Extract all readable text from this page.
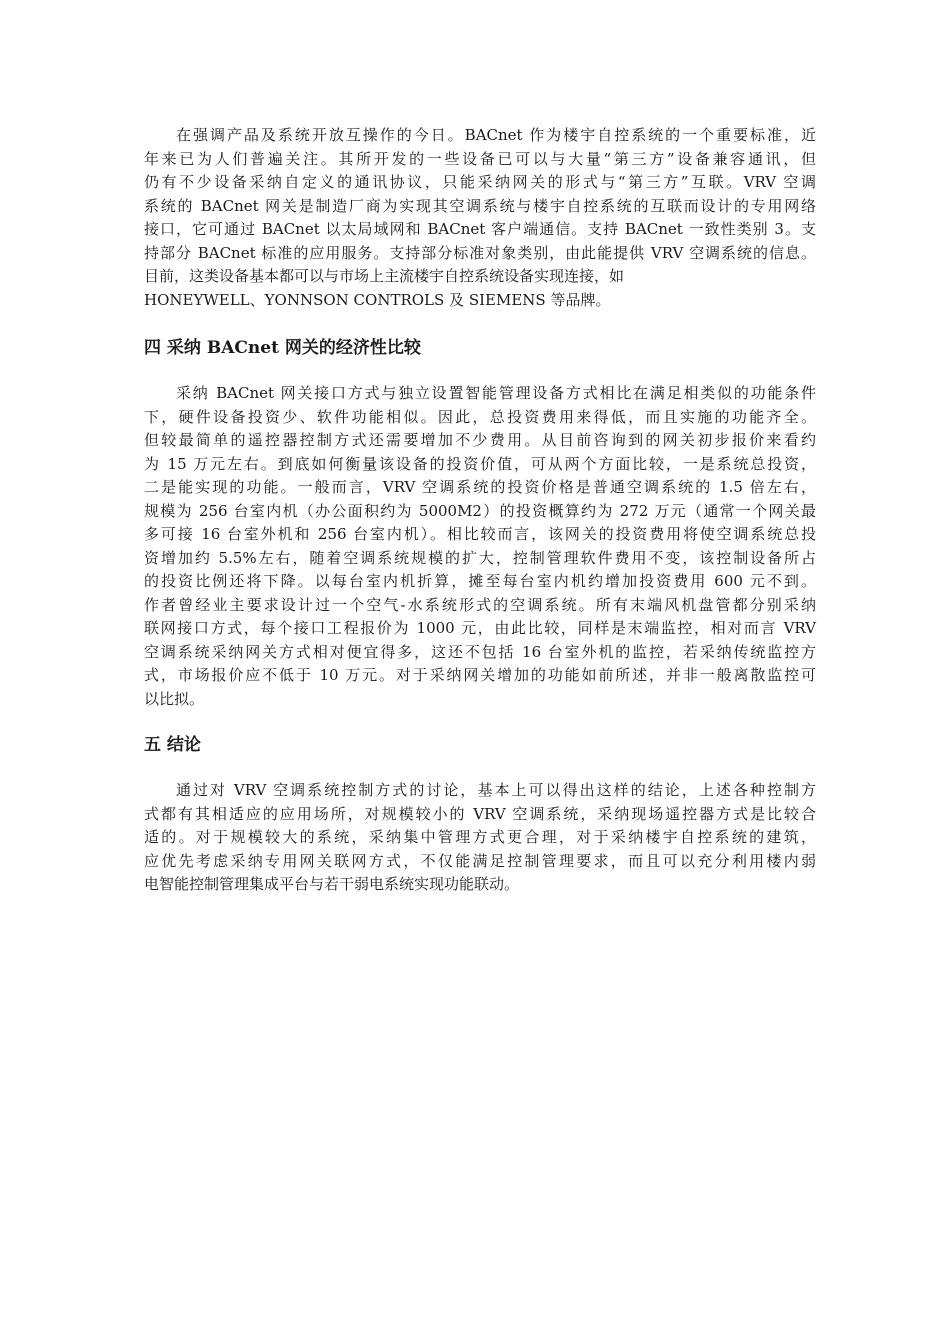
在强调产品及系统开放互操作的今日。BACnet 作为楼宇自控系统的一个重要标准，近
年来已为人们普遍关注。其所开发的一些设备已可以与大量“第三方”设备兼容通讯，但
仍有不少设备采纳自定义的通讯协议，只能采纳网关的形式与“第三方”互联。VRV 空调
系统的 BACnet 网关是制造厂商为实现其空调系统与楼宇自控系统的互联而设计的专用网络
接口，它可通过 BACnet 以太局域网和 BACnet 客户端通信。支持 BACnet 一致性类别 3。支
持部分 BACnet 标准的应用服务。支持部分标准对象类别，由此能提供 VRV 空调系统的信息。
目前，这类设备基本都可以与市场上主流楼宇自控系统设备实现连接，如
HONEYWELL、YONNSON CONTROLS 及 SIEMENS 等品牌。

四 采纳 BACnet 网关的经济性比较

采纳 BACnet 网关接口方式与独立设置智能管理设备方式相比在满足相类似的功能条件
下，硬件设备投资少、软件功能相似。因此，总投资费用来得低，而且实施的功能齐全。
但较最简单的遥控器控制方式还需要增加不少费用。从目前咨询到的网关初步报价来看约
为 15 万元左右。到底如何衡量该设备的投资价值，可从两个方面比较，一是系统总投资，
二是能实现的功能。一般而言，VRV 空调系统的投资价格是普通空调系统的 1.5 倍左右，
规模为 256 台室内机（办公面积约为 5000M2）的投资概算约为 272 万元（通常一个网关最
多可接 16 台室外机和 256 台室内机）。相比较而言，该网关的投资费用将使空调系统总投
资增加约 5.5%左右，随着空调系统规模的扩大，控制管理软件费用不变，该控制设备所占
的投资比例还将下降。以每台室内机折算，摊至每台室内机约增加投资费用 600 元不到。
作者曾经业主要求设计过一个空气-水系统形式的空调系统。所有末端风机盘管都分别采纳
联网接口方式，每个接口工程报价为 1000 元，由此比较，同样是末端监控，相对而言 VRV
空调系统采纳网关方式相对便宜得多，这还不包括 16 台室外机的监控，若采纳传统监控方
式，市场报价应不低于 10 万元。对于采纳网关增加的功能如前所述，并非一般离散监控可
以比拟。

五 结论

通过对 VRV 空调系统控制方式的讨论，基本上可以得出这样的结论，上述各种控制方
式都有其相适应的应用场所，对规模较小的 VRV 空调系统，采纳现场遥控器方式是比较合
适的。对于规模较大的系统，采纳集中管理方式更合理，对于采纳楼宇自控系统的建筑，
应优先考虑采纳专用网关联网方式，不仅能满足控制管理要求，而且可以充分利用楼内弱
电智能控制管理集成平台与若干弱电系统实现功能联动。
